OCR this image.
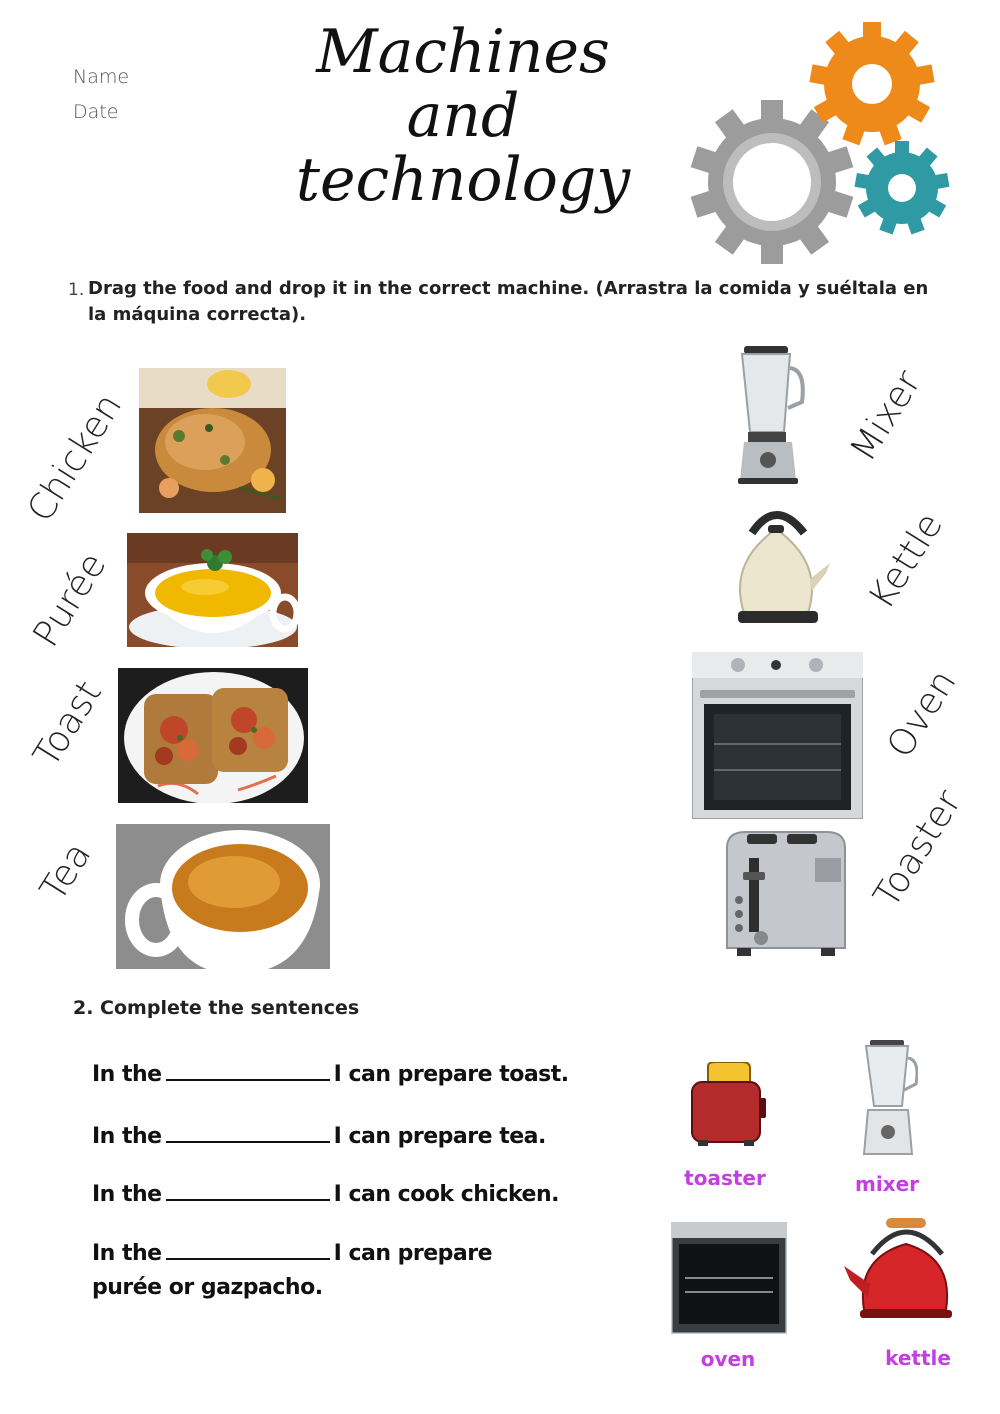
Name
Date
Machines
and
technology
1. Drag the food and drop it in the correct machine. (Arrastra la comida y suéltala en la máquina correcta).
Chicken
Purée
Toast
Tea
Mixer
Kettle
Oven
Toaster
2. Complete the sentences
In the	I can prepare toast.
In the	I can prepare tea.
In the	I can cook chicken.
In the	I can prepare
purée or gazpacho.
toaster	mixer
oven	kettle
